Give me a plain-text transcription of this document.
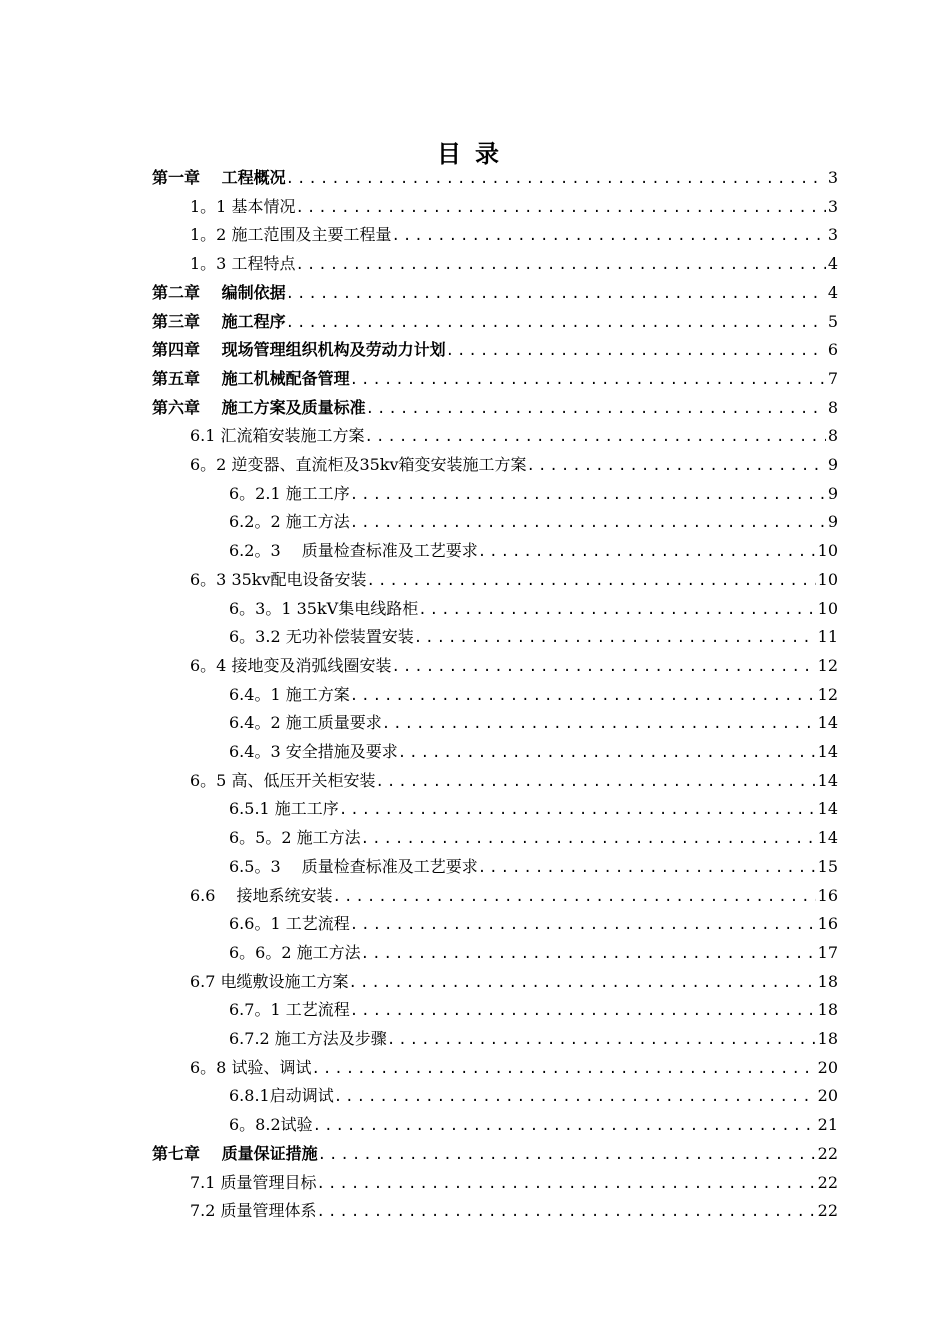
目录
第一章　 工程概况 .....	3
1。1 基本情况 .....	3
1。2 施工范围及主要工程量 .....	3
1。3 工程特点 .....	4
第二章　 编制依据 .....	4
第三章　 施工程序 .....	5
第四章　 现场管理组织机构及劳动力计划 .....	6
第五章　 施工机械配备管理 .....	7
第六章　 施工方案及质量标准 .....	8
6.1 汇流箱安装施工方案 .....	8
6。2 逆变器、直流柜及35kv箱变安装施工方案 .....	9
6。2.1 施工工序 .....	9
6.2。2 施工方法 .....	9
6.2。3 　质量检查标准及工艺要求 .....	10
6。3 35kv配电设备安装 .....	10
6。3。1 35kV集电线路柜 .....	10
6。3.2 无功补偿装置安装 .....	11
6。4 接地变及消弧线圈安装 .....	12
6.4。1 施工方案 .....	12
6.4。2 施工质量要求 .....	14
6.4。3 安全措施及要求 .....	14
6。5 高、低压开关柜安装 .....	14
6.5.1 施工工序 .....	14
6。5。2 施工方法 .....	14
6.5。3 　质量检查标准及工艺要求 .....	15
6.6 　接地系统安装 .....	16
6.6。1 工艺流程 .....	16
6。6。2 施工方法 .....	17
6.7 电缆敷设施工方案 .....	18
6.7。1 工艺流程 .....	18
6.7.2 施工方法及步骤 .....	18
6。8 试验、调试 .....	20
6.8.1启动调试 .....	20
6。8.2试验 .....	21
第七章　 质量保证措施 .....	22
7.1 质量管理目标 .....	22
7.2 质量管理体系 .....	22
